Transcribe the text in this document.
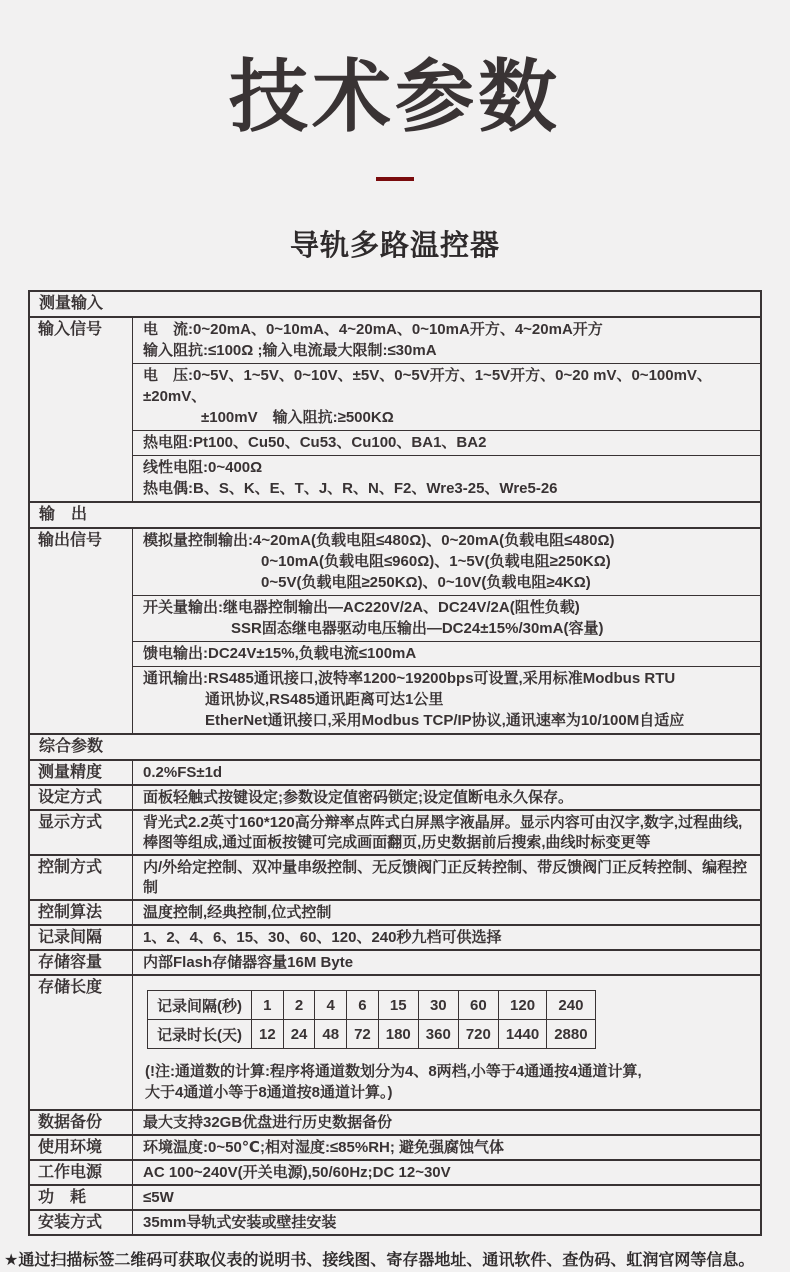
技术参数
导轨多路温控器
测量输入
输入信号	电　流:0~20mA、0~10mA、4~20mA、0~10mA开方、4~20mA开方
输入阻抗:≤100Ω ;输入电流最大限制:≤30mA
电　压:0~5V、1~5V、0~10V、±5V、0~5V开方、1~5V开方、0~20 mV、0~100mV、±20mV、
±100mV　输入阻抗:≥500KΩ
热电阻:Pt100、Cu50、Cu53、Cu100、BA1、BA2
线性电阻:0~400Ω
热电偶:B、S、K、E、T、J、R、N、F2、Wre3-25、Wre5-26
输　出
输出信号	模拟量控制输出:4~20mA(负载电阻≤480Ω)、0~20mA(负载电阻≤480Ω)
0~10mA(负载电阻≤960Ω)、1~5V(负载电阻≥250KΩ)
0~5V(负载电阻≥250KΩ)、0~10V(负载电阻≥4KΩ)
开关量输出:继电器控制输出—AC220V/2A、DC24V/2A(阻性负载)
SSR固态继电器驱动电压输出—DC24±15%/30mA(容量)
馈电输出:DC24V±15%,负载电流≤100mA
通讯输出:RS485通讯接口,波特率1200~19200bps可设置,采用标准Modbus RTU
通讯协议,RS485通讯距离可达1公里
EtherNet通讯接口,采用Modbus TCP/IP协议,通讯速率为10/100M自适应
综合参数
测量精度	0.2%FS±1d
设定方式	面板轻触式按键设定;参数设定值密码锁定;设定值断电永久保存。
显示方式	背光式2.2英寸160*120高分辩率点阵式白屏黑字液晶屏。显示内容可由汉字,数字,过程曲线,棒图等组成,通过面板按键可完成画面翻页,历史数据前后搜索,曲线时标变更等
控制方式	内/外给定控制、双冲量串级控制、无反馈阀门正反转控制、带反馈阀门正反转控制、编程控制
控制算法	温度控制,经典控制,位式控制
记录间隔	1、2、4、6、15、30、60、120、240秒九档可供选择
存储容量	内部Flash存储器容量16M Byte
存储长度
记录间隔(秒)	1	2	4	6	15	30	60	120	240
记录时长(天)	12	24	48	72	180	360	720	1440	2880
(!注:通道数的计算:程序将通道数划分为4、8两档,小等于4通通按4通道计算,
大于4通道小等于8通道按8通道计算。)
数据备份	最大支持32GB优盘进行历史数据备份
使用环境	环境温度:0~50℃;相对湿度:≤85%RH; 避免强腐蚀气体
工作电源	AC 100~240V(开关电源),50/60Hz;DC 12~30V
功　耗	≤5W
安装方式	35mm导轨式安装或壁挂安装

★通过扫描标签二维码可获取仪表的说明书、接线图、寄存器地址、通讯软件、查伪码、虹润官网等信息。
